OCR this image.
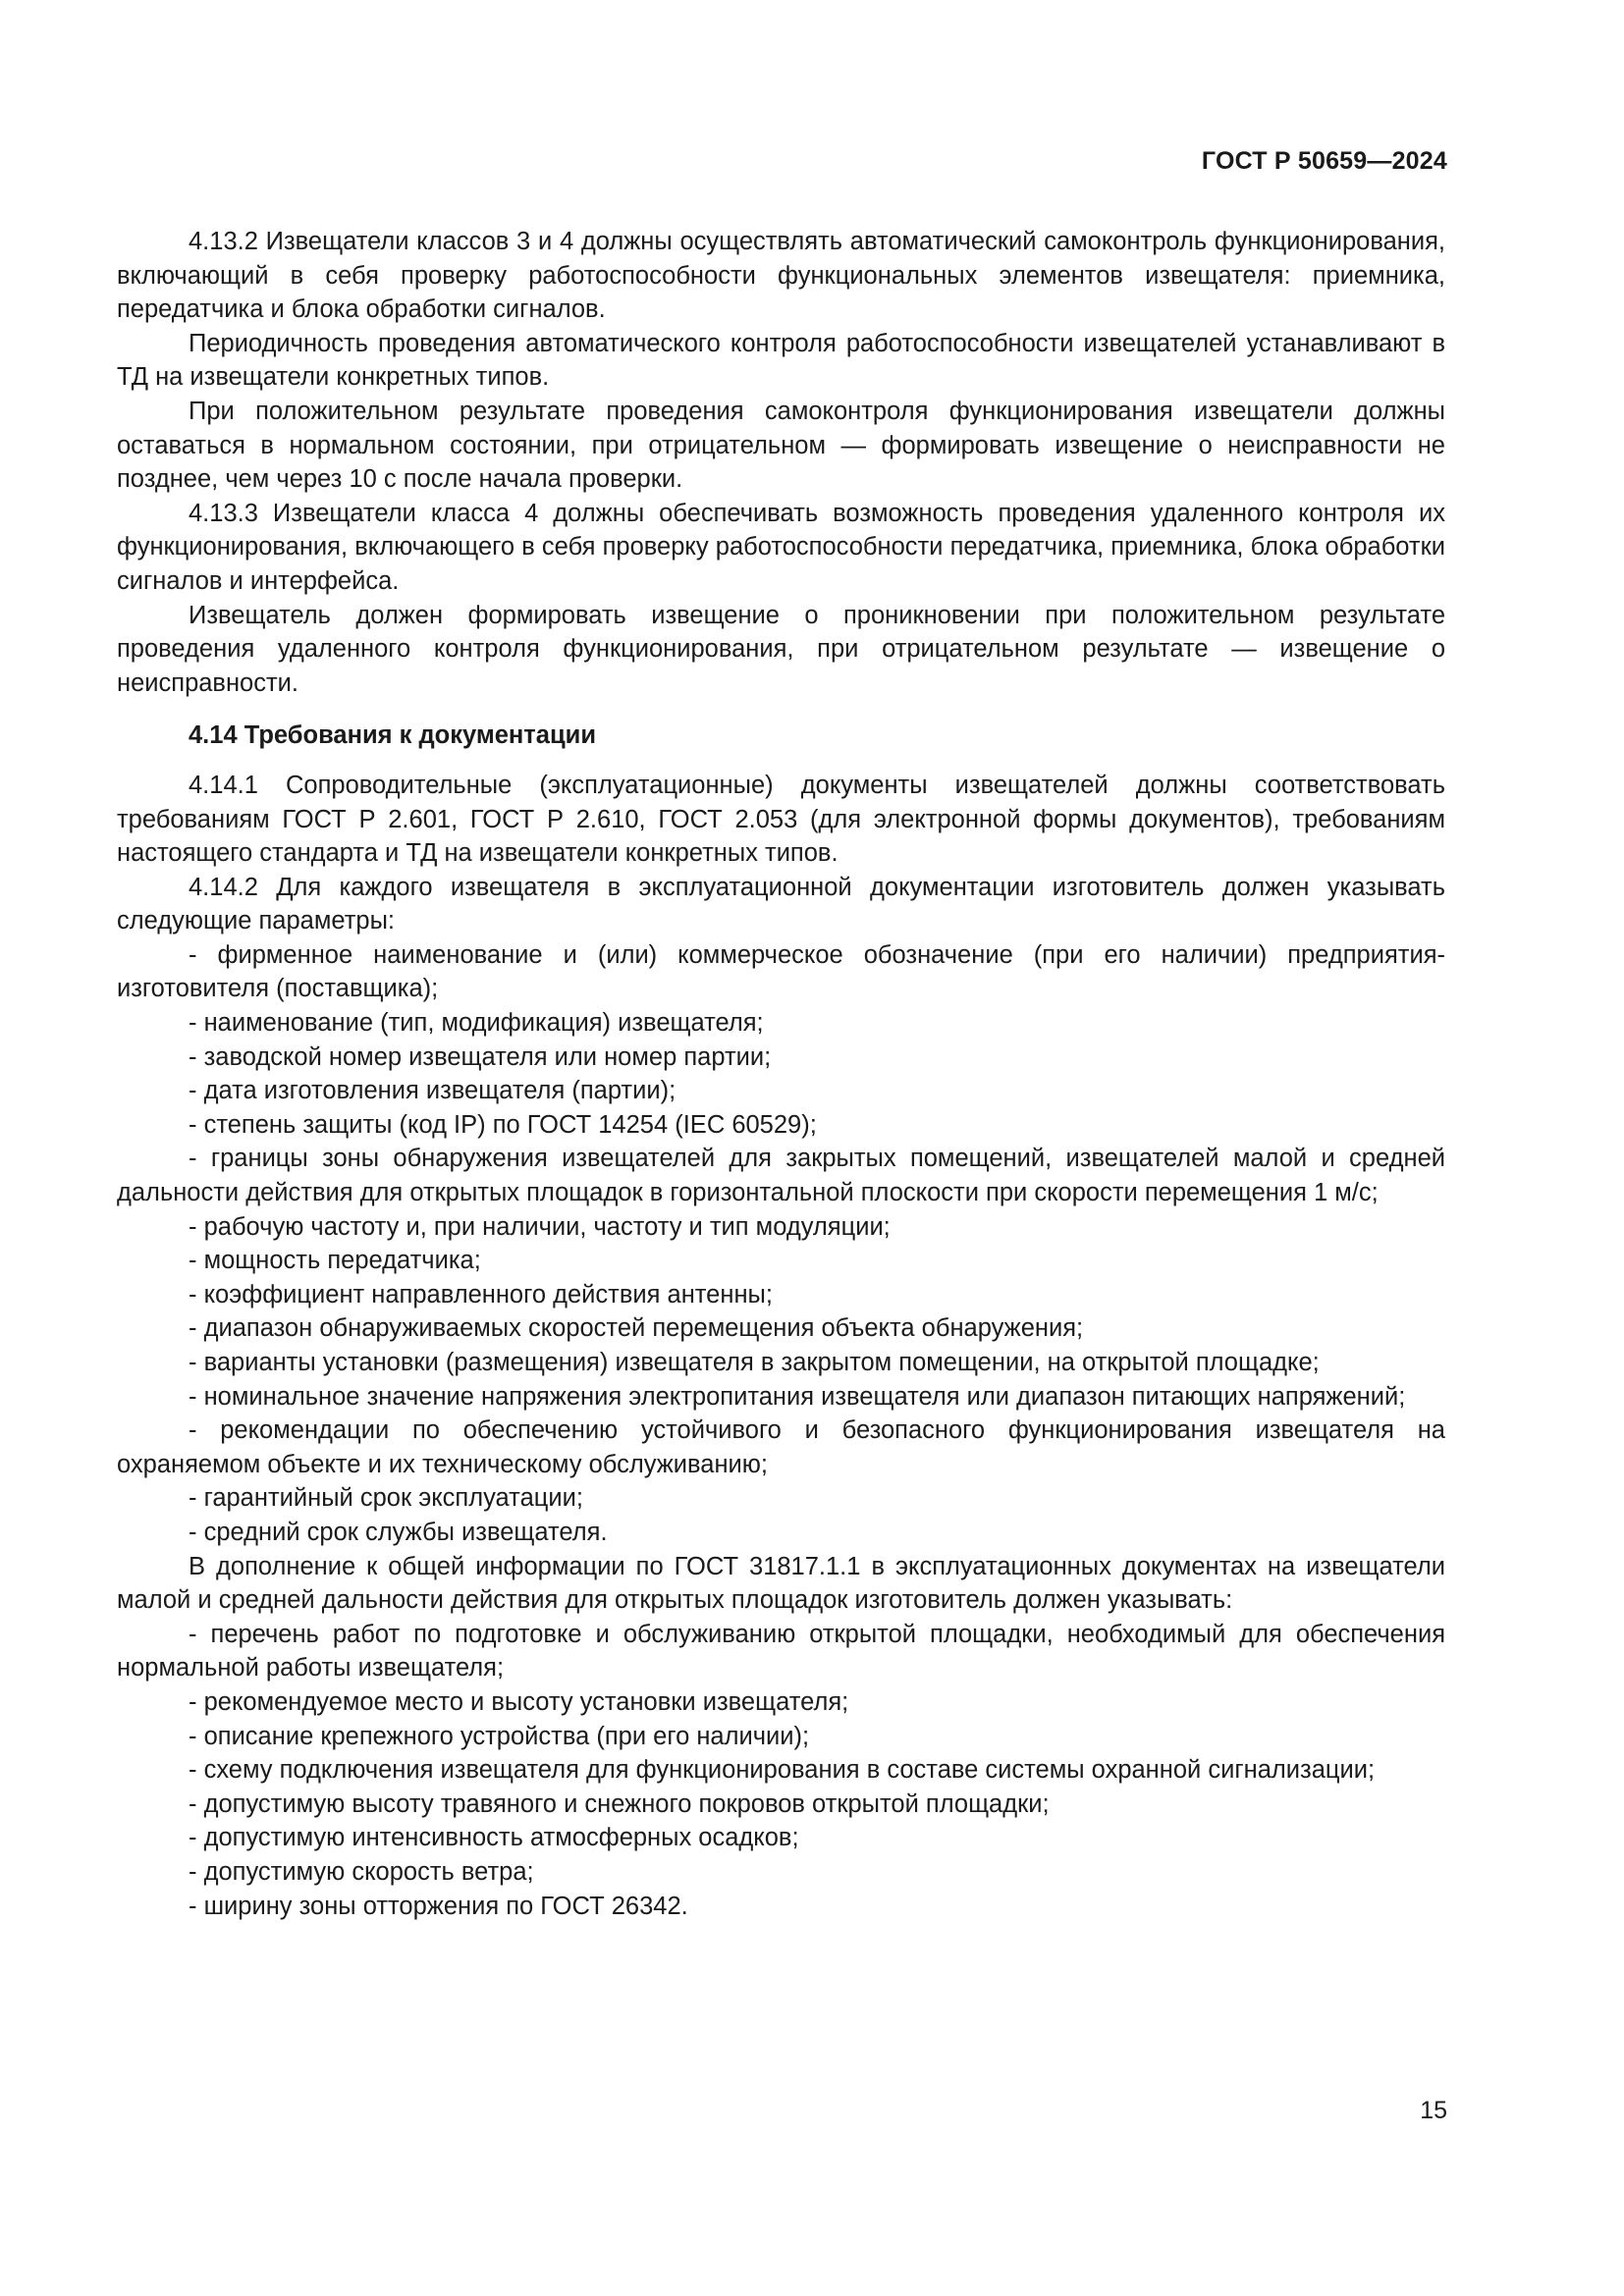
ГОСТ Р 50659—2024

4.13.2 Извещатели классов 3 и 4 должны осуществлять автоматический самоконтроль функционирования, включающий в себя проверку работоспособности функциональных элементов извещателя: приемника, передатчика и блока обработки сигналов.

Периодичность проведения автоматического контроля работоспособности извещателей устанавливают в ТД на извещатели конкретных типов.

При положительном результате проведения самоконтроля функционирования извещатели должны оставаться в нормальном состоянии, при отрицательном — формировать извещение о неисправности не позднее, чем через 10 с после начала проверки.

4.13.3 Извещатели класса 4 должны обеспечивать возможность проведения удаленного контроля их функционирования, включающего в себя проверку работоспособности передатчика, приемника, блока обработки сигналов и интерфейса.

Извещатель должен формировать извещение о проникновении при положительном результате проведения удаленного контроля функционирования, при отрицательном результате — извещение о неисправности.

4.14 Требования к документации

4.14.1 Сопроводительные (эксплуатационные) документы извещателей должны соответствовать требованиям ГОСТ Р 2.601, ГОСТ Р 2.610, ГОСТ 2.053 (для электронной формы документов), требованиям настоящего стандарта и ТД на извещатели конкретных типов.

4.14.2 Для каждого извещателя в эксплуатационной документации изготовитель должен указывать следующие параметры:

- фирменное наименование и (или) коммерческое обозначение (при его наличии) предприятия-изготовителя (поставщика);

- наименование (тип, модификация) извещателя;

- заводской номер извещателя или номер партии;

- дата изготовления извещателя (партии);

- степень защиты (код IP) по ГОСТ 14254 (IEC 60529);

- границы зоны обнаружения извещателей для закрытых помещений, извещателей малой и средней дальности действия для открытых площадок в горизонтальной плоскости при скорости перемещения 1 м/с;

- рабочую частоту и, при наличии, частоту и тип модуляции;

- мощность передатчика;

- коэффициент направленного действия антенны;

- диапазон обнаруживаемых скоростей перемещения объекта обнаружения;

- варианты установки (размещения) извещателя в закрытом помещении, на открытой площадке;

- номинальное значение напряжения электропитания извещателя или диапазон питающих напряжений;

- рекомендации по обеспечению устойчивого и безопасного функционирования извещателя на охраняемом объекте и их техническому обслуживанию;

- гарантийный срок эксплуатации;

- средний срок службы извещателя.

В дополнение к общей информации по ГОСТ 31817.1.1 в эксплуатационных документах на извещатели малой и средней дальности действия для открытых площадок изготовитель должен указывать:

- перечень работ по подготовке и обслуживанию открытой площадки, необходимый для обеспечения нормальной работы извещателя;

- рекомендуемое место и высоту установки извещателя;

- описание крепежного устройства (при его наличии);

- схему подключения извещателя для функционирования в составе системы охранной сигнализации;

- допустимую высоту травяного и снежного покровов открытой площадки;

- допустимую интенсивность атмосферных осадков;

- допустимую скорость ветра;

- ширину зоны отторжения по ГОСТ 26342.

15
